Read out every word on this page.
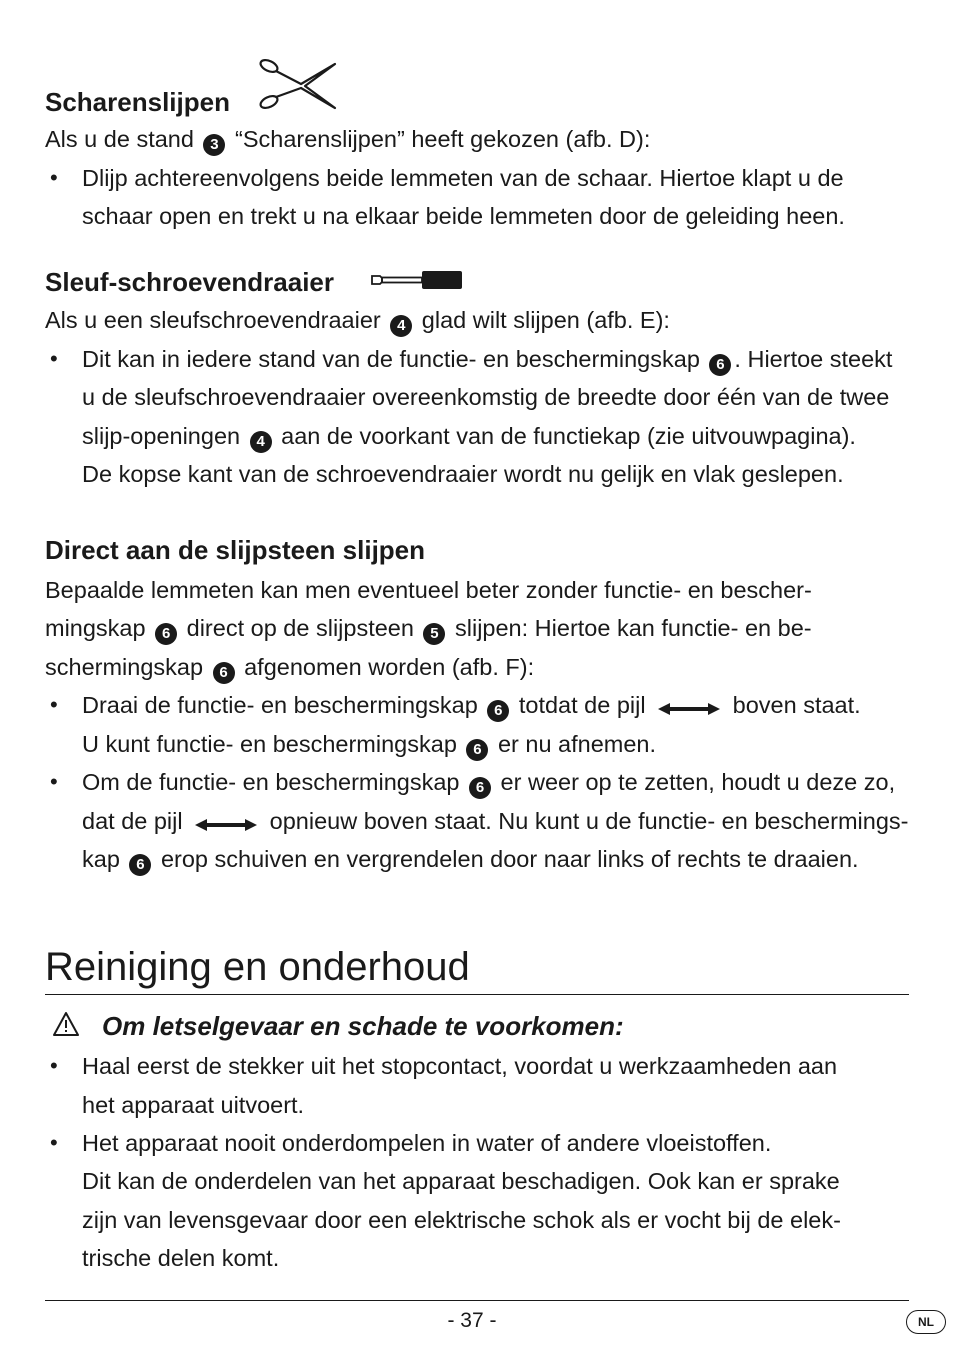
Scharenslijpen
Als u de stand 3 “Scharenslijpen” heeft gekozen (afb. D):
• Dlijp achtereenvolgens beide lemmeten van de schaar. Hiertoe klapt u de
schaar open en trekt u na elkaar beide lemmeten door de geleiding heen.
Sleuf-schroevendraaier
Als u een sleufschroevendraaier 4 glad wilt slijpen (afb. E):
• Dit kan in iedere stand van de functie- en beschermingskap 6 . Hiertoe steekt
u de sleufschroevendraaier overeenkomstig de breedte door één van de twee
slijp-openingen 4 aan de voorkant van de functiekap (zie uitvouwpagina).
De kopse kant van de schroevendraaier wordt nu gelijk en vlak geslepen.
Direct aan de slijpsteen slijpen
Bepaalde lemmeten kan men eventueel beter zonder functie- en bescher-
mingskap 6 direct op de slijpsteen 5 slijpen: Hiertoe kan functie- en be-
schermingskap 6 afgenomen worden (afb. F):
• Draai de functie- en beschermingskap 6 totdat de pijl	boven staat.
U kunt functie- en beschermingskap 6 er nu afnemen.
• Om de functie- en beschermingskap 6 er weer op te zetten, houdt u deze zo,
dat de pijl	opnieuw boven staat. Nu kunt u de functie- en beschermings-
kap 6 erop schuiven en vergrendelen door naar links of rechts te draaien.
Reiniging en onderhoud
Om letselgevaar en schade te voorkomen:
• Haal eerst de stekker uit het stopcontact, voordat u werkzaamheden aan
het apparaat uitvoert.
• Het apparaat nooit onderdompelen in water of andere vloeistoffen.
Dit kan de onderdelen van het apparaat beschadigen. Ook kan er sprake
zijn van levensgevaar door een elektrische schok als er vocht bij de elek-
trische delen komt.
- 37 -	NL
